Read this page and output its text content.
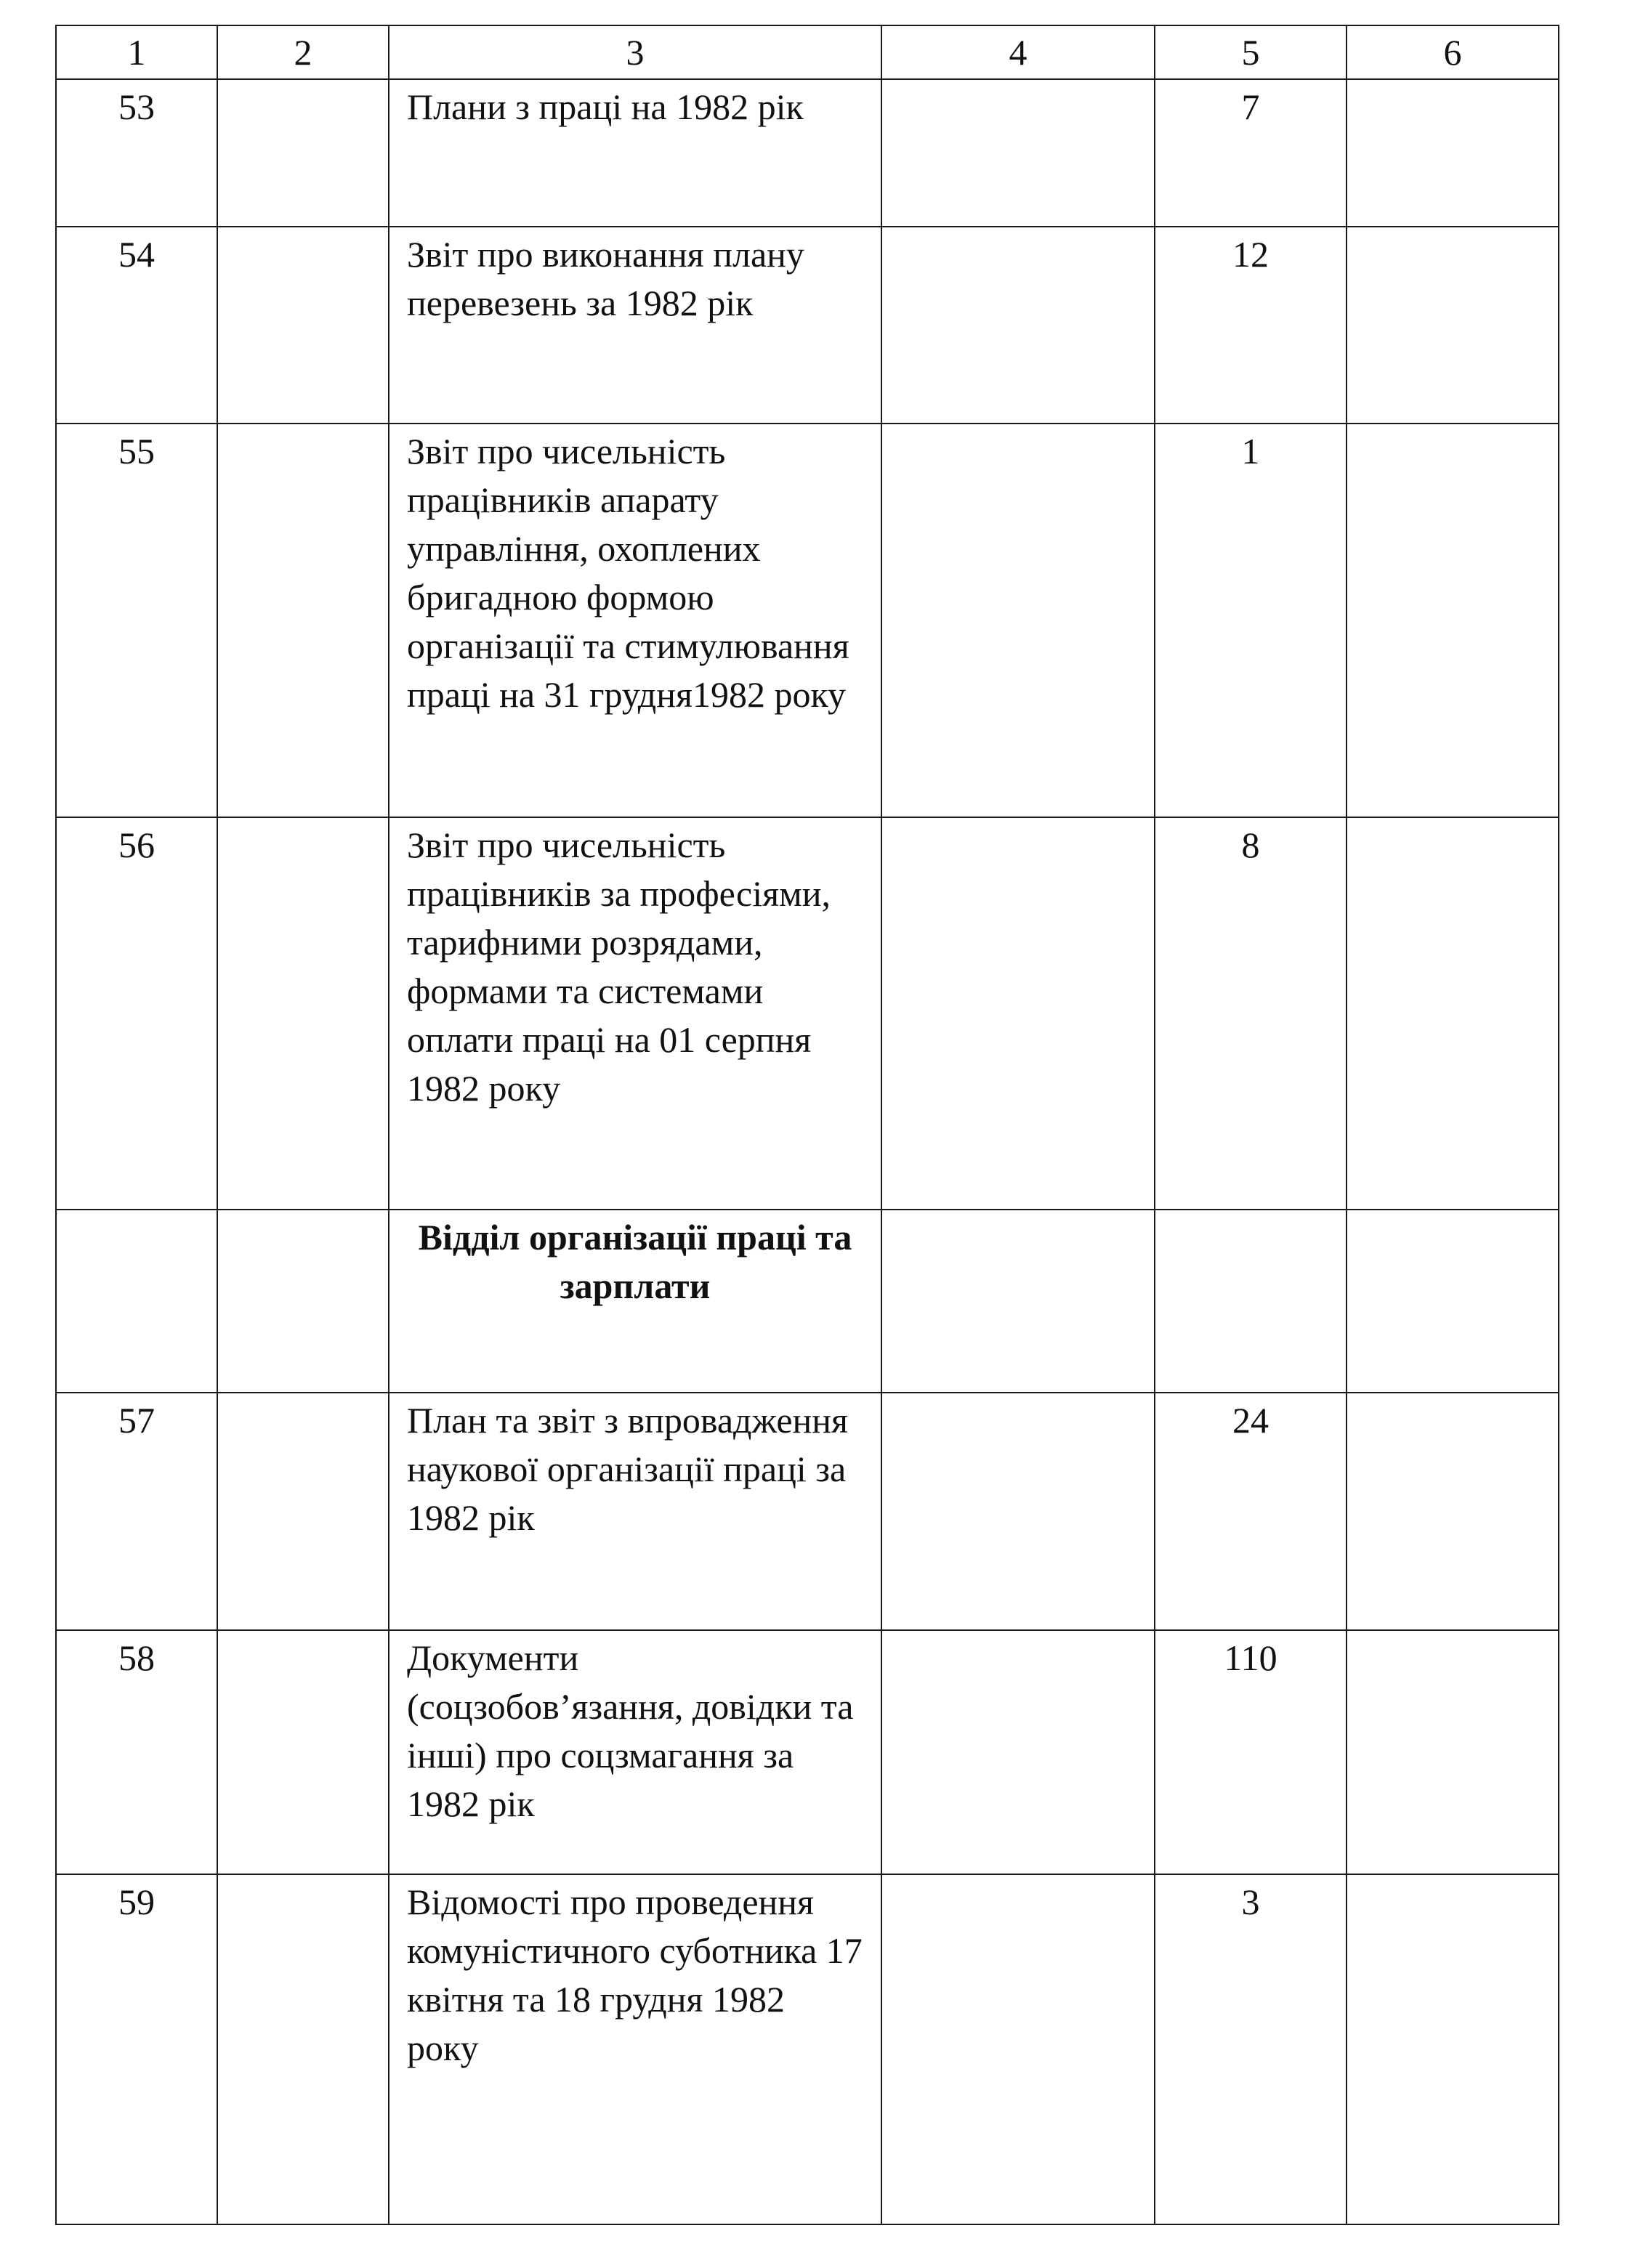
1	2	3	4	5	6
53		Плани з праці на 1982 рік		7	
54		Звіт про виконання плану перевезень за 1982 рік		12	
55		Звіт про чисельність працівників апарату управління, охоплених бригадною формою організації та стимулювання праці на 31 грудня1982 року		1	
56		Звіт про чисельність працівників за професіями, тарифними розрядами, формами та системами оплати праці на 01 серпня 1982 року		8	
		Відділ організації праці та зарплати			
57		План та звіт з впровадження наукової організації праці за 1982 рік		24	
58		Документи (соцзобов’язання, довідки та інші) про соцзмагання за 1982 рік		110	
59		Відомості про проведення комуністичного суботника 17 квітня та 18 грудня 1982 року		3	
